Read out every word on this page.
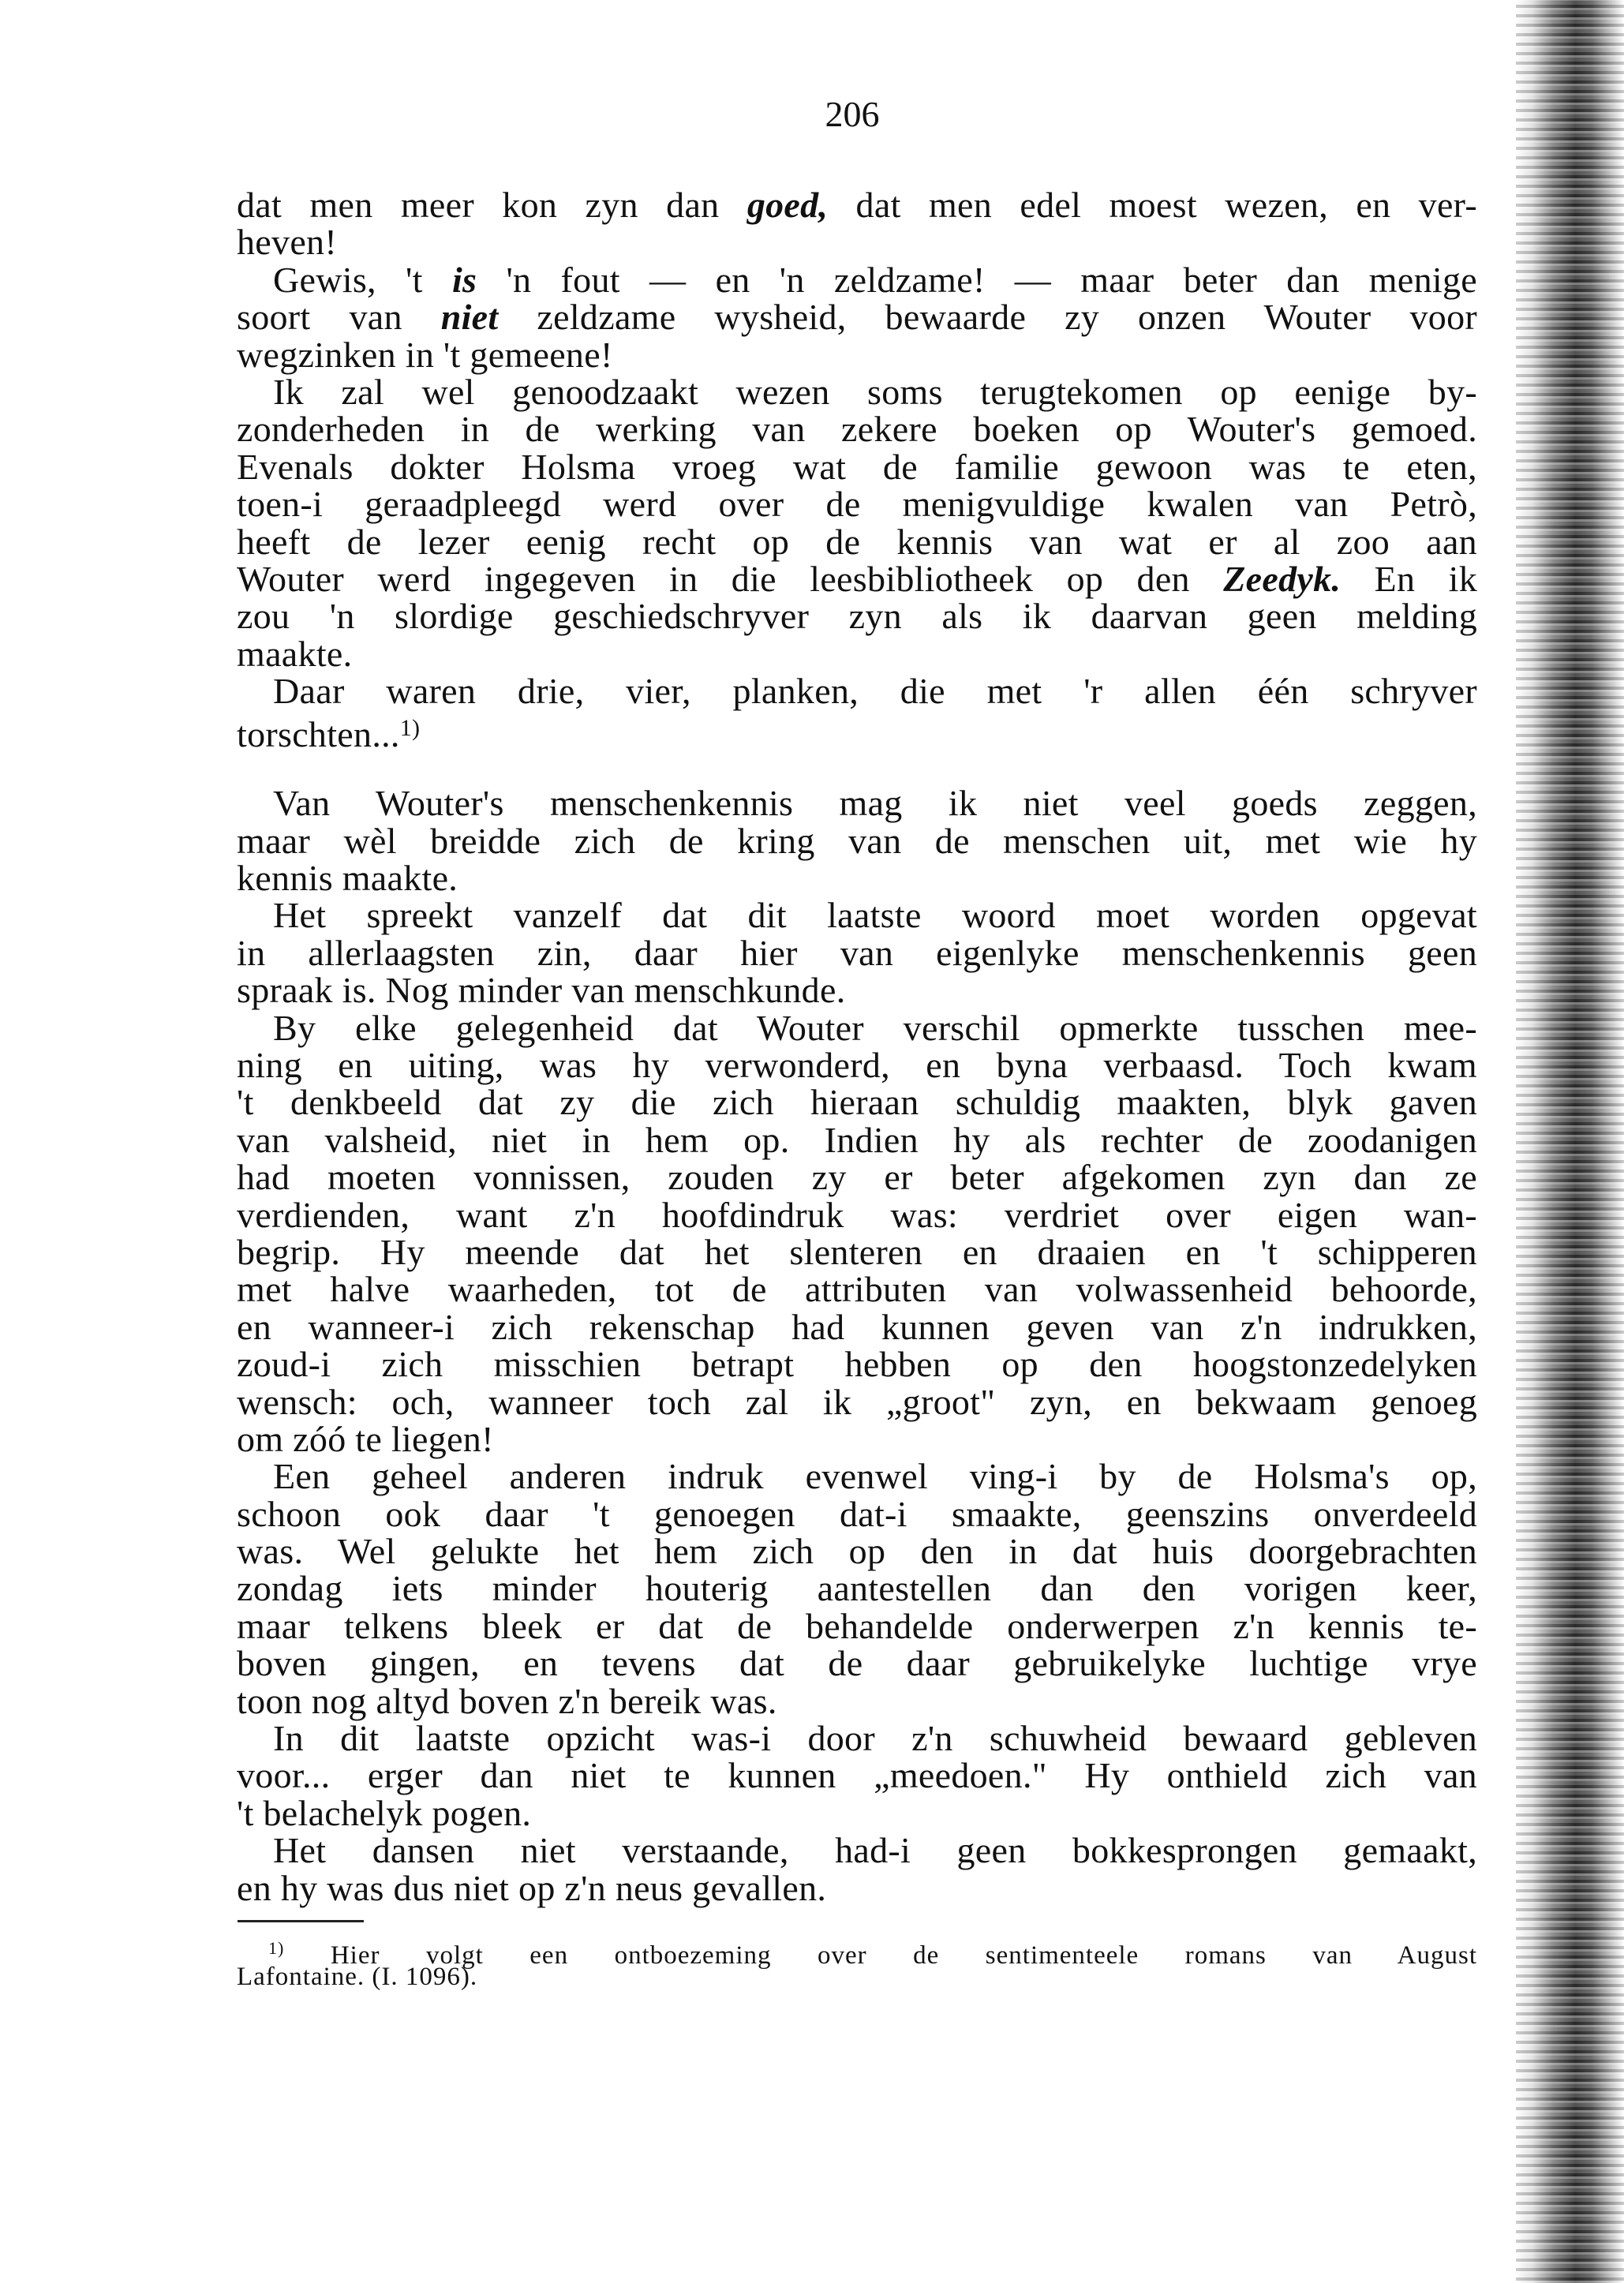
206
dat men meer kon zyn dan goed, dat men edel moest wezen, en ver-
heven!
Gewis, 't is 'n fout — en 'n zeldzame! — maar beter dan menige
soort van niet zeldzame wysheid, bewaarde zy onzen Wouter voor
wegzinken in 't gemeene!
Ik zal wel genoodzaakt wezen soms terugtekomen op eenige by-
zonderheden in de werking van zekere boeken op Wouter's gemoed.
Evenals dokter Holsma vroeg wat de familie gewoon was te eten,
toen-i geraadpleegd werd over de menigvuldige kwalen van Petrò,
heeft de lezer eenig recht op de kennis van wat er al zoo aan
Wouter werd ingegeven in die leesbibliotheek op den Zeedyk. En ik
zou 'n slordige geschiedschryver zyn als ik daarvan geen melding
maakte.
Daar waren drie, vier, planken, die met 'r allen één schryver
torschten...$^{1)}$
Van Wouter's menschenkennis mag ik niet veel goeds zeggen,
maar wèl breidde zich de kring van de menschen uit, met wie hy
kennis maakte.
Het spreekt vanzelf dat dit laatste woord moet worden opgevat
in allerlaagsten zin, daar hier van eigenlyke menschenkennis geen
spraak is. Nog minder van menschkunde.
By elke gelegenheid dat Wouter verschil opmerkte tusschen mee-
ning en uiting, was hy verwonderd, en byna verbaasd. Toch kwam
't denkbeeld dat zy die zich hieraan schuldig maakten, blyk gaven
van valsheid, niet in hem op. Indien hy als rechter de zoodanigen
had moeten vonnissen, zouden zy er beter afgekomen zyn dan ze
verdienden, want z'n hoofdindruk was: verdriet over eigen wan-
begrip. Hy meende dat het slenteren en draaien en 't schipperen
met halve waarheden, tot de attributen van volwassenheid behoorde,
en wanneer-i zich rekenschap had kunnen geven van z'n indrukken,
zoud-i zich misschien betrapt hebben op den hoogstonzedelyken
wensch: och, wanneer toch zal ik „groot" zyn, en bekwaam genoeg
om zóó te liegen!
Een geheel anderen indruk evenwel ving-i by de Holsma's op,
schoon ook daar 't genoegen dat-i smaakte, geenszins onverdeeld
was. Wel gelukte het hem zich op den in dat huis doorgebrachten
zondag iets minder houterig aantestellen dan den vorigen keer,
maar telkens bleek er dat de behandelde onderwerpen z'n kennis te-
boven gingen, en tevens dat de daar gebruikelyke luchtige vrye
toon nog altyd boven z'n bereik was.
In dit laatste opzicht was-i door z'n schuwheid bewaard gebleven
voor... erger dan niet te kunnen „meedoen." Hy onthield zich van
't belachelyk pogen.
Het dansen niet verstaande, had-i geen bokkesprongen gemaakt,
en hy was dus niet op z'n neus gevallen.
$^{1)}$ Hier volgt een ontboezeming over de sentimenteele romans van August
Lafontaine. (I. 1096).
